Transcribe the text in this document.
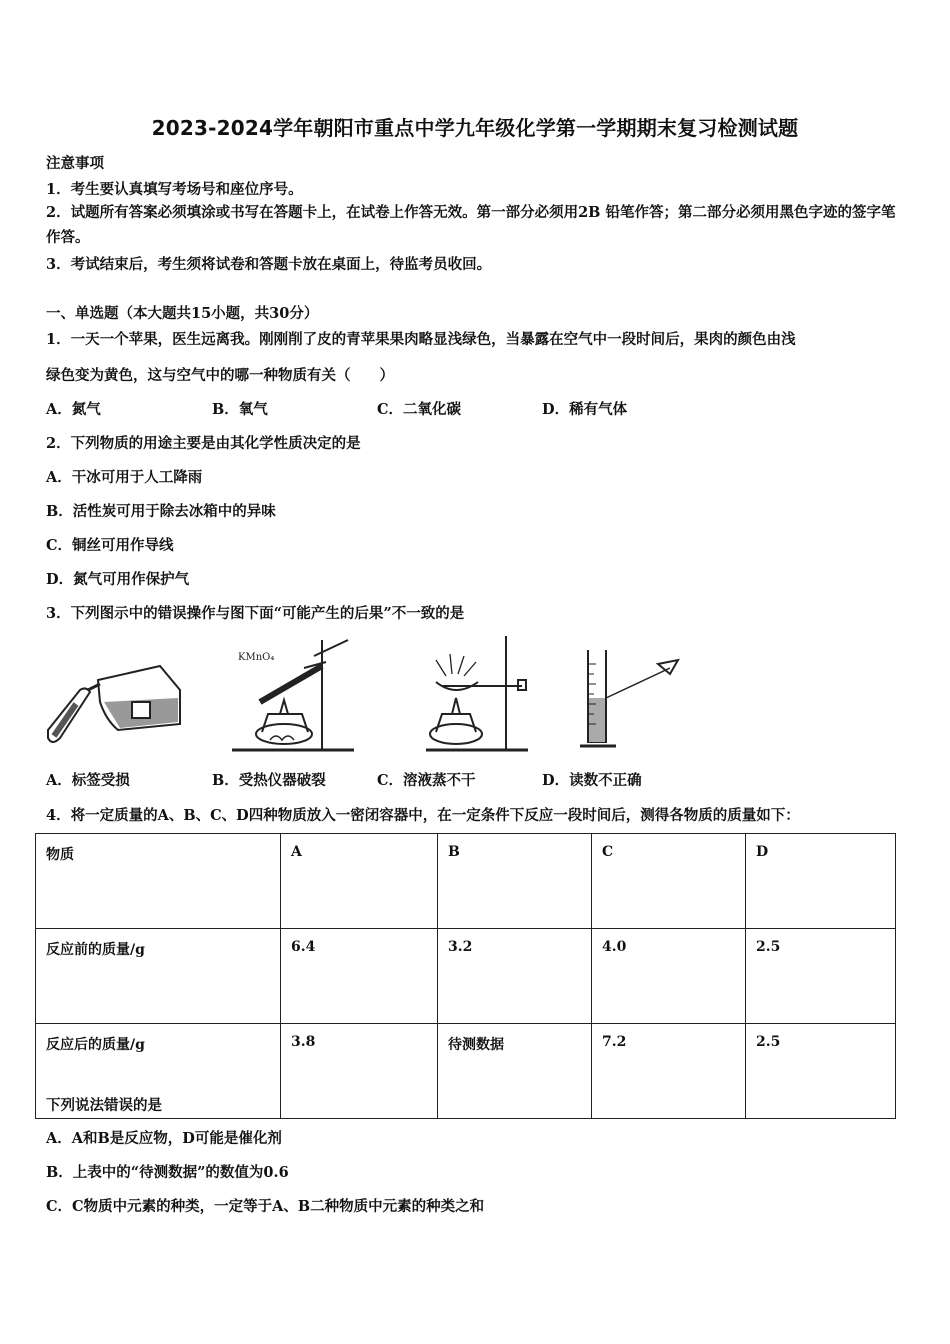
2023-2024学年朝阳市重点中学九年级化学第一学期期末复习检测试题
注意事项
1．考生要认真填写考场号和座位序号。
2．试题所有答案必须填涂或书写在答题卡上，在试卷上作答无效。第一部分必须用2B 铅笔作答；第二部分必须用黑色字迹的签字笔作答。
3．考试结束后，考生须将试卷和答题卡放在桌面上，待监考员收回。
一、单选题（本大题共15小题，共30分）
1．一天一个苹果，医生远离我。刚刚削了皮的青苹果果肉略显浅绿色，当暴露在空气中一段时间后，果肉的颜色由浅
绿色变为黄色，这与空气中的哪一种物质有关（　　）
A．氮气	B．氧气	C．二氧化碳	D．稀有气体
2．下列物质的用途主要是由其化学性质决定的是
A．干冰可用于人工降雨
B．活性炭可用于除去冰箱中的异味
C．铜丝可用作导线
D．氮气可用作保护气
3．下列图示中的错误操作与图下面“可能产生的后果”不一致的是
KMnO₄
A．标签受损	B．受热仪器破裂	C．溶液蒸不干	D．读数不正确
4．将一定质量的A、B、C、D四种物质放入一密闭容器中，在一定条件下反应一段时间后，测得各物质的质量如下：
物质	A	B	C	D
反应前的质量/g	6.4	3.2	4.0	2.5
反应后的质量/g	3.8	待测数据	7.2	2.5
下列说法错误的是
A．A和B是反应物，D可能是催化剂
B．上表中的“待测数据”的数值为0.6
C．C物质中元素的种类，一定等于A、B二种物质中元素的种类之和
